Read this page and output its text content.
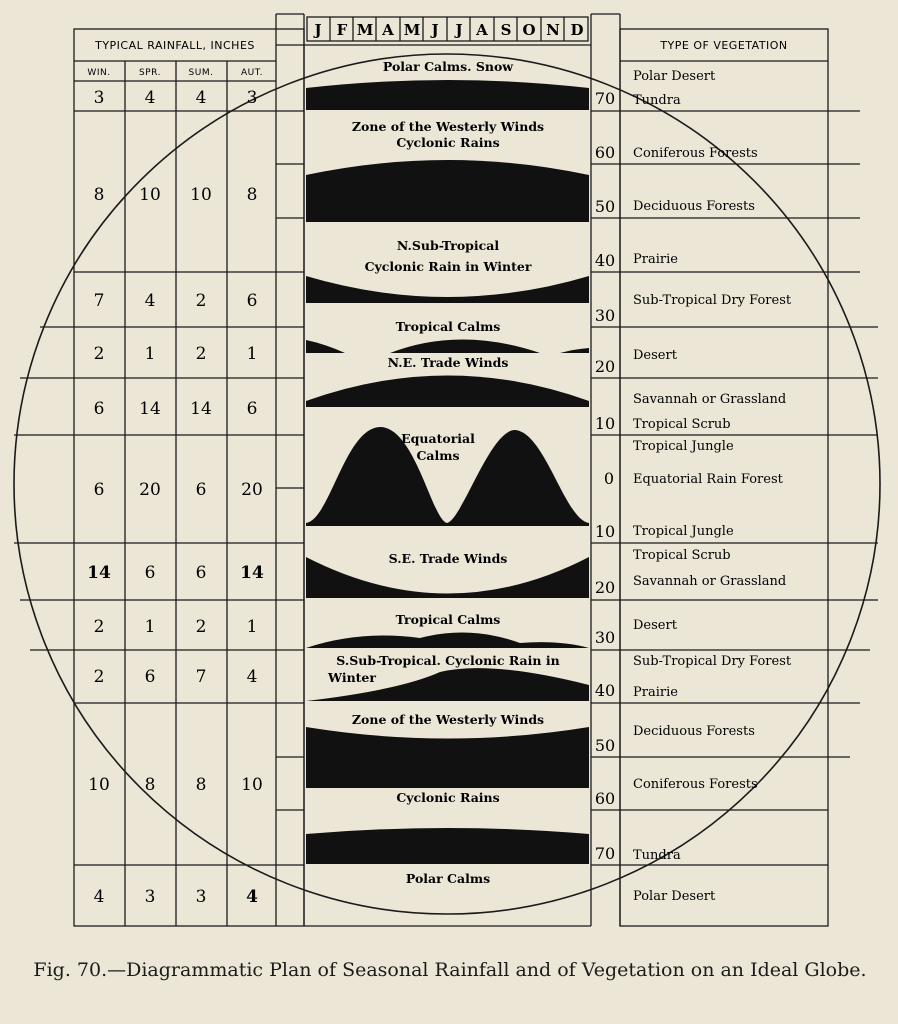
TYPICAL RAINFALL, INCHES
WIN.	SPR.	SUM.	AUT.
TYPE OF VEGETATION
J F M A M J J A S O N D
3 4 4 3
8 10 10 8
7 4 2 6
2 1 2 1
6 14 14 6
6 20 6 20
14 6 6 14
2 1 2 1
2 6 7 4
10 8 8 10
4 3 3 4
Polar Calms. Snow
Zone of the Westerly Winds
Cyclonic Rains
N.Sub-Tropical
Cyclonic Rain in Winter
Tropical Calms
N.E. Trade Winds
Equatorial
Calms
S.E. Trade Winds
Tropical Calms
S.Sub-Tropical. Cyclonic Rain in
Winter
Zone of the Westerly Winds
Cyclonic Rains
Polar Calms
70
60
50
40
30
20
10
0
10
20
30
40
50
60
70
Polar Desert
Tundra
Coniferous Forests
Deciduous Forests
Prairie
Sub-Tropical Dry Forest
Desert
Savannah or Grassland
Tropical Scrub
Tropical Jungle
Equatorial Rain Forest
Tropical Jungle
Tropical Scrub
Savannah or Grassland
Desert
Sub-Tropical Dry Forest
Prairie
Deciduous Forests
Coniferous Forests
Tundra
Polar Desert
Fig. 70.—Diagrammatic Plan of Seasonal Rainfall and of Vegetation on an Ideal Globe.
